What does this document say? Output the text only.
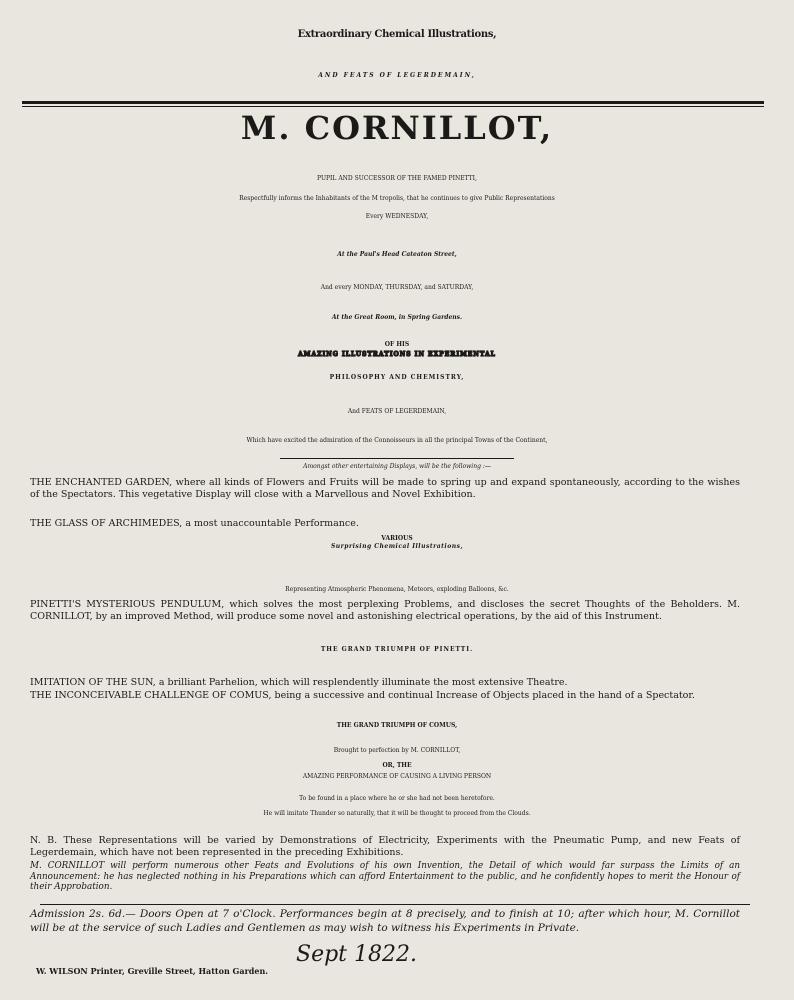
Extraordinary Chemical Illustrations,
AND FEATS OF LEGERDEMAIN,
M. CORNILLOT,
PUPIL AND SUCCESSOR OF THE FAMED PINETTI,
Respectfully informs the Inhabitants of the M tropolis, that he continues to give Public Representations
Every WEDNESDAY,
At the Paul's Head Cateaton Street,
And every MONDAY, THURSDAY, and SATURDAY,
At the Great Room, in Spring Gardens.
OF HIS
AMAZING ILLUSTRATIONS IN EXPERIMENTAL
PHILOSOPHY AND CHEMISTRY,
And FEATS OF LEGERDEMAIN,
Which have excited the admiration of the Connoisseurs in all the principal Towns of the Continent,
Amongst other entertaining Displays, will be the following :—
THE ENCHANTED GARDEN, where all kinds of Flowers and Fruits will be made to spring up and expand spontaneously, according to the wishes of the Spectators. This vegetative Display will close with a Marvellous and Novel Exhibition.
THE GLASS OF ARCHIMEDES, a most unaccountable Performance.
VARIOUS
Surprising Chemical Illustrations,
Representing Atmospheric Phenomena, Meteors, exploding Balloons, &c.
PINETTI'S MYSTERIOUS PENDULUM, which solves the most perplexing Problems, and discloses the secret Thoughts of the Beholders. M. CORNILLOT, by an improved Method, will produce some novel and astonishing electrical operations, by the aid of this Instrument.
THE GRAND TRIUMPH OF PINETTI.
IMITATION OF THE SUN, a brilliant Parhelion, which will resplendently illuminate the most extensive Theatre.
THE INCONCEIVABLE CHALLENGE OF COMUS, being a successive and continual Increase of Objects placed in the hand of a Spectator.
THE GRAND TRIUMPH OF COMUS,
Brought to perfection by M. CORNILLOT,
OR, THE
AMAZING PERFORMANCE OF CAUSING A LIVING PERSON
To be found in a place where he or she had not been heretofore.
He will imitate Thunder so naturally, that it will be thought to proceed from the Clouds.
N. B. These Representations will be varied by Demonstrations of Electricity, Experiments with the Pneumatic Pump, and new Feats of Legerdemain, which have not been represented in the preceding Exhibitions.
M. CORNILLOT will perform numerous other Feats and Evolutions of his own Invention, the Detail of which would far surpass the Limits of an Announcement: he has neglected nothing in his Preparations which can afford Entertainment to the public, and he confidently hopes to merit the Honour of their Approbation.
Admission 2s. 6d.— Doors Open at 7 o'Clock. Performances begin at 8 precisely, and to finish at 10; after which hour, M. Cornillot will be at the service of such Ladies and Gentlemen as may wish to witness his Experiments in Private.
Sept 1822.
W. WILSON Printer, Greville Street, Hatton Garden.
